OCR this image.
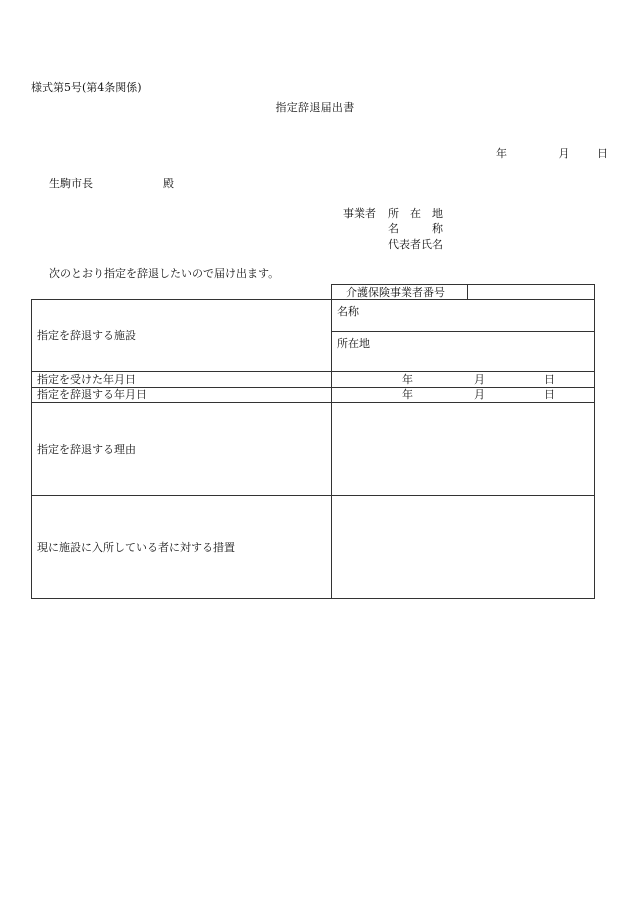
様式第5号(第4条関係)
指定辞退届出書
年	月	日
生駒市長	殿
事業者 所　在　地
名　　　称
代表者氏名
次のとおり指定を辞退したいので届け出ます。
介護保険事業者番号
指定を辞退する施設
名称
所在地
指定を受けた年月日	年	月	日
指定を辞退する年月日	年	月	日
指定を辞退する理由
現に施設に入所している者に対する措置
